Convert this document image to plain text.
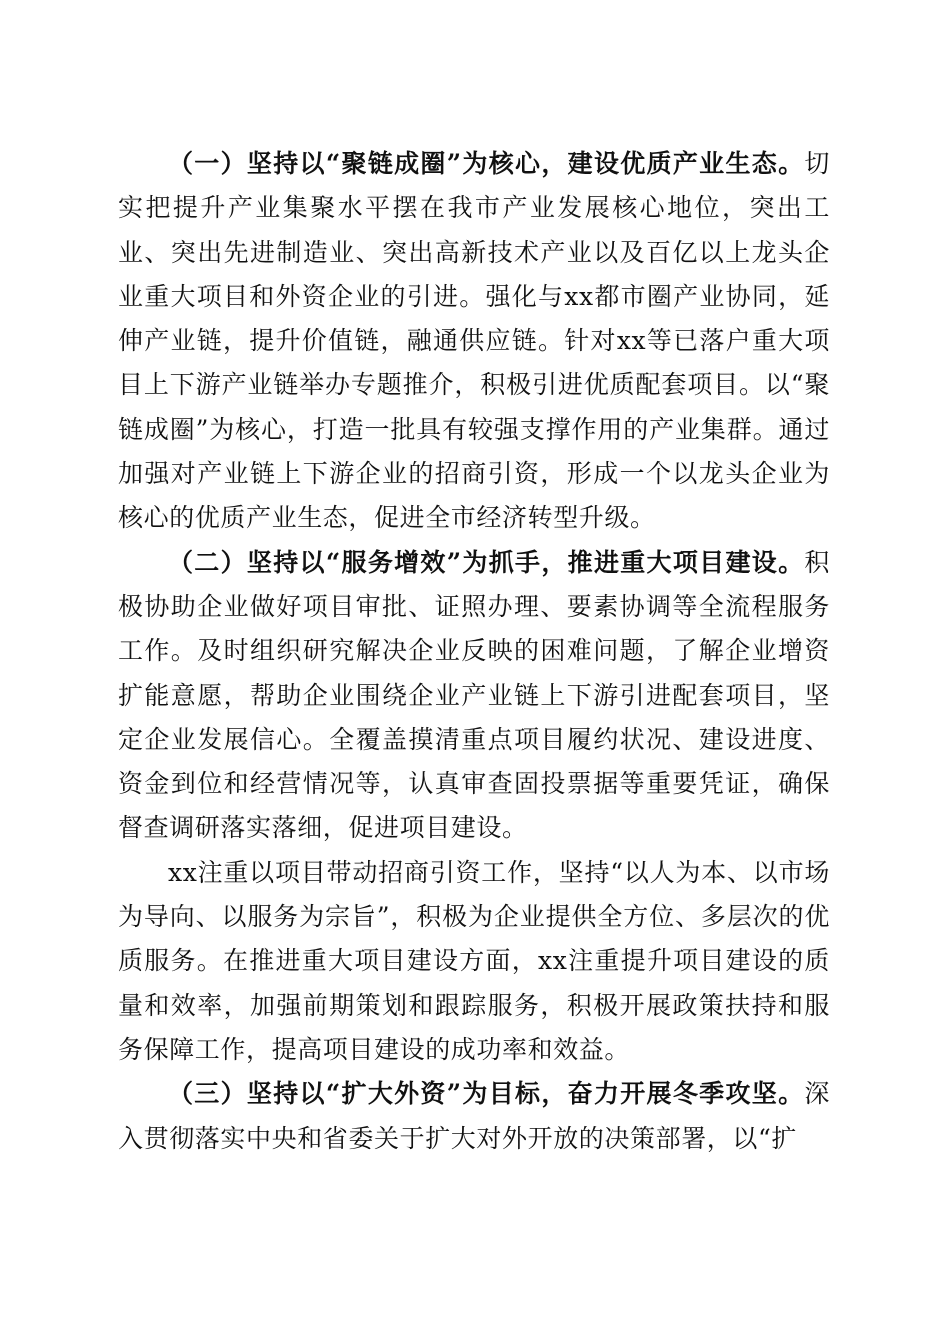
（一）坚持以“聚链成圈”为核心，建设优质产业生态。切实把提升产业集聚水平摆在我市产业发展核心地位，突出工业、突出先进制造业、突出高新技术产业以及百亿以上龙头企业重大项目和外资企业的引进。强化与xx都市圈产业协同，延伸产业链，提升价值链，融通供应链。针对xx等已落户重大项目上下游产业链举办专题推介，积极引进优质配套项目。以“聚链成圈”为核心，打造一批具有较强支撑作用的产业集群。通过加强对产业链上下游企业的招商引资，形成一个以龙头企业为核心的优质产业生态，促进全市经济转型升级。

（二）坚持以“服务增效”为抓手，推进重大项目建设。积极协助企业做好项目审批、证照办理、要素协调等全流程服务工作。及时组织研究解决企业反映的困难问题，了解企业增资扩能意愿，帮助企业围绕企业产业链上下游引进配套项目，坚定企业发展信心。全覆盖摸清重点项目履约状况、建设进度、资金到位和经营情况等，认真审查固投票据等重要凭证，确保督查调研落实落细，促进项目建设。

xx注重以项目带动招商引资工作，坚持“以人为本、以市场为导向、以服务为宗旨”，积极为企业提供全方位、多层次的优质服务。在推进重大项目建设方面，xx注重提升项目建设的质量和效率，加强前期策划和跟踪服务，积极开展政策扶持和服务保障工作，提高项目建设的成功率和效益。

（三）坚持以“扩大外资”为目标，奋力开展冬季攻坚。深入贯彻落实中央和省委关于扩大对外开放的决策部署，以“扩
